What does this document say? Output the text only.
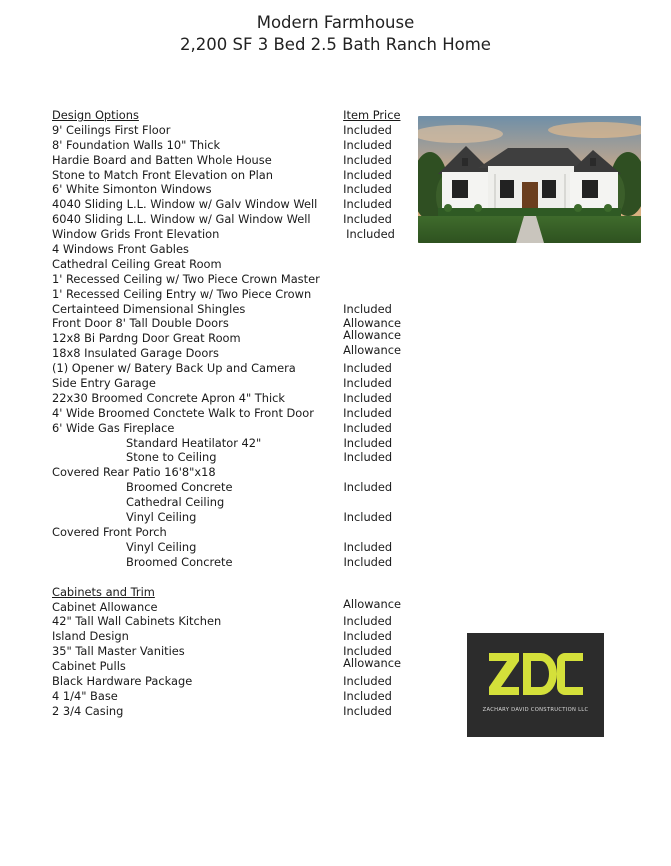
Modern Farmhouse
2,200 SF 3 Bed 2.5 Bath Ranch Home
Design Options	Item Price
9' Ceilings First Floor	Included
8' Foundation Walls 10" Thick	Included
Hardie Board and Batten Whole House	Included
Stone to Match Front Elevation on Plan	Included
6' White Simonton Windows	Included
4040 Sliding L.L. Window w/ Galv Window Well	Included
6040 Sliding L.L. Window w/ Gal Window Well	Included
Window Grids Front Elevation	Included
4 Windows Front Gables
Cathedral Ceiling Great Room
1' Recessed Ceiling w/ Two Piece Crown Master
1' Recessed Ceiling Entry w/ Two Piece Crown
Certainteed Dimensional Shingles	Included
Front Door 8' Tall Double Doors	Allowance
12x8 Bi Pardng Door Great Room	Allowance
18x8 Insulated Garage Doors	Allowance
(1) Opener w/ Batery Back Up and Camera	Included
Side Entry Garage	Included
22x30 Broomed Concrete Apron 4" Thick	Included
4' Wide Broomed Conctete Walk to Front Door	Included
6' Wide Gas Fireplace	Included
Standard Heatilator 42"	Included
Stone to Ceiling	Included
Covered Rear Patio 16'8"x18
Broomed Concrete	Included
Cathedral Ceiling
Vinyl Ceiling	Included
Covered Front Porch
Vinyl Ceiling	Included
Broomed Concrete	Included
Cabinets and Trim
Cabinet Allowance	Allowance
42" Tall Wall Cabinets Kitchen	Included
Island Design	Included
35" Tall Master Vanities	Included
Cabinet Pulls	Allowance
Black Hardware Package	Included
4 1/4" Base	Included
2 3/4 Casing	Included	ZACHARY DAVID CONSTRUCTION LLC
